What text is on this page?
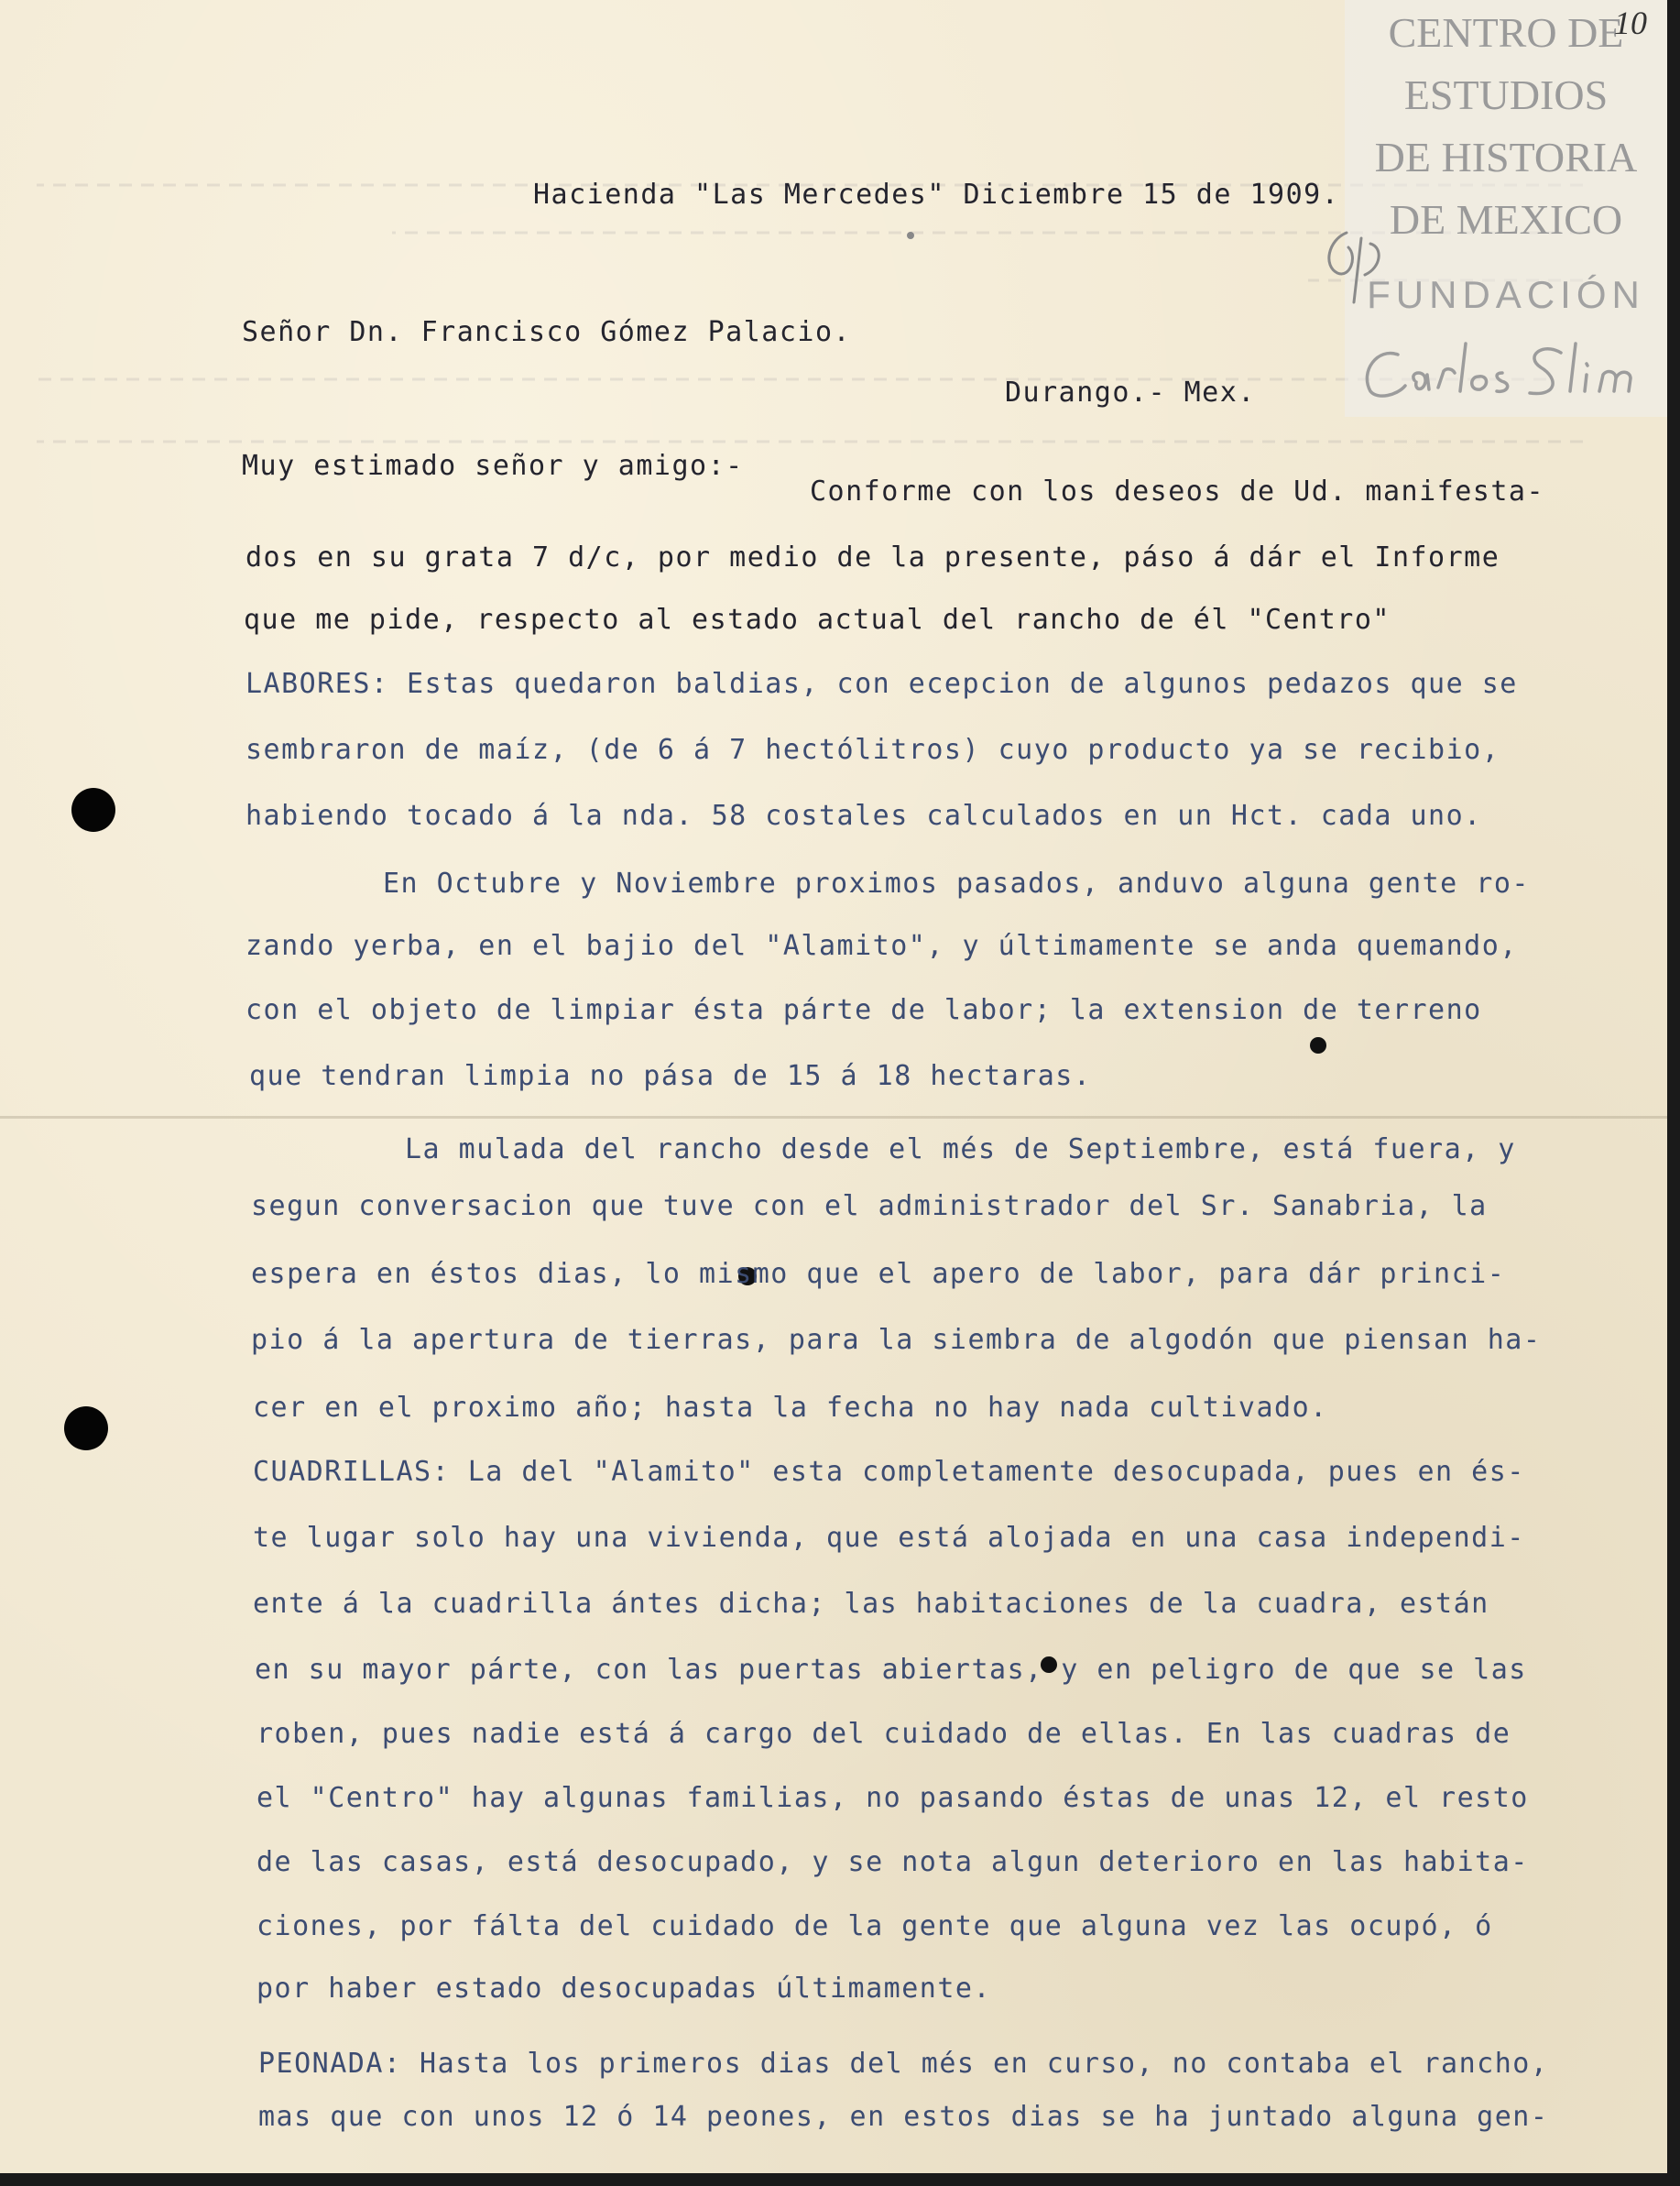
CENTRO DE
ESTUDIOS
DE HISTORIA
DE MEXICO
FUNDACIÓN
10
Hacienda "Las Mercedes" Diciembre 15 de 1909.
Señor Dn. Francisco Gómez Palacio.
Durango.- Mex.
Muy estimado señor y amigo:-
Conforme con los deseos de Ud. manifesta-
dos en su grata 7 d/c, por medio de la presente, páso á dár el Informe
que me pide, respecto al estado actual del rancho de él "Centro"
LABORES: Estas quedaron baldias, con ecepcion de algunos pedazos que se
sembraron de maíz, (de 6 á 7 hectólitros) cuyo producto ya se recibio,
habiendo tocado á la nda. 58 costales calculados en un Hct. cada uno.
En Octubre y Noviembre proximos pasados, anduvo alguna gente ro-
zando yerba, en el bajio del "Alamito", y últimamente se anda quemando,
con el objeto de limpiar ésta párte de labor; la extension de terreno
que tendran limpia no pása de 15 á 18 hectaras.
La mulada del rancho desde el més de Septiembre, está fuera, y
segun conversacion que tuve con el administrador del Sr. Sanabria, la
espera en éstos dias, lo mismo que el apero de labor, para dár princi-
pio á la apertura de tierras, para la siembra de algodón que piensan ha-
cer en el proximo año; hasta la fecha no hay nada cultivado.
CUADRILLAS: La del "Alamito" esta completamente desocupada, pues en és-
te lugar solo hay una vivienda, que está alojada en una casa independi-
ente á la cuadrilla ántes dicha; las habitaciones de la cuadra, están
en su mayor párte, con las puertas abiertas, y en peligro de que se las
roben, pues nadie está á cargo del cuidado de ellas. En las cuadras de
el "Centro" hay algunas familias, no pasando éstas de unas 12, el resto
de las casas, está desocupado, y se nota algun deterioro en las habita-
ciones, por fálta del cuidado de la gente que alguna vez las ocupó, ó
por haber estado desocupadas últimamente.
PEONADA: Hasta los primeros dias del més en curso, no contaba el rancho,
mas que con unos 12 ó 14 peones, en estos dias se ha juntado alguna gen-
